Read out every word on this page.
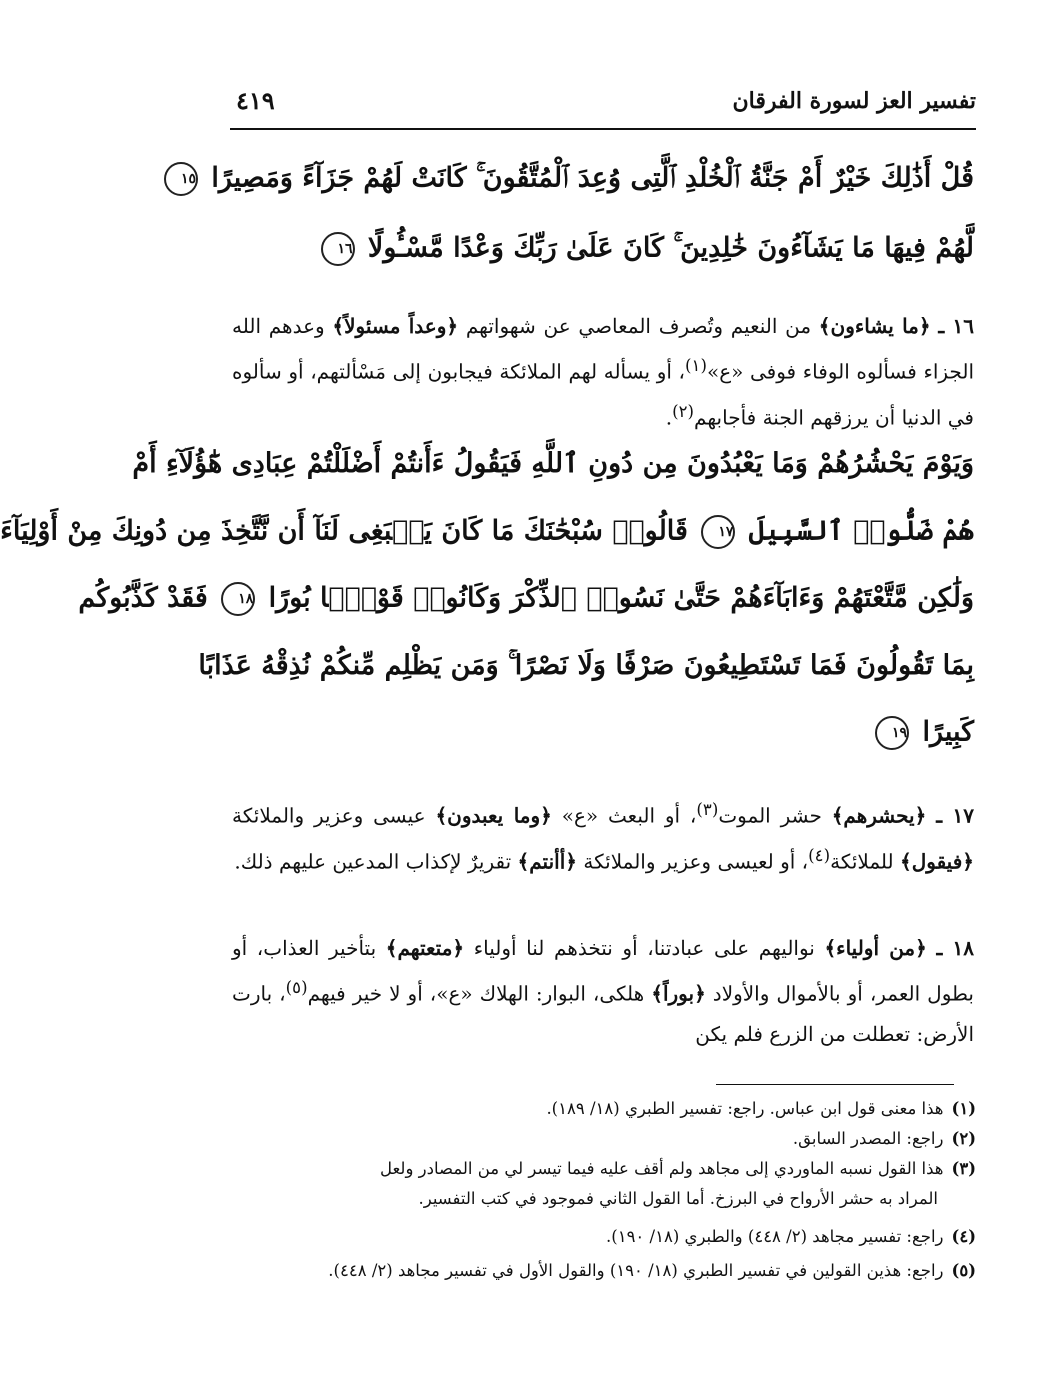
تفسير العز لسورة الفرقان
٤١٩
قُلْ أَذَٰلِكَ خَيْرٌ أَمْ جَنَّةُ ٱلْخُلْدِ ٱلَّتِى وُعِدَ ٱلْمُتَّقُونَ ۚ كَانَتْ لَهُمْ جَزَآءً وَمَصِيرًا ١٥
لَّهُمْ فِيهَا مَا يَشَآءُونَ خَٰلِدِينَ ۚ كَانَ عَلَىٰ رَبِّكَ وَعْدًا مَّسْـُٔولًا ١٦
١٦ ـ ﴿ما يشاءون﴾ من النعيم وتُصرف المعاصي عن شهواتهم ﴿وعداً مسئولاً﴾ وعدهم الله الجزاء فسألوه الوفاء فوفى «ع»$^{(١)}$، أو يسأله لهم الملائكة فيجابون إلى مَسْألتهم، أو سألوه في الدنيا أن يرزقهم الجنة فأجابهم$^{(٢)}$.
وَيَوْمَ يَحْشُرُهُمْ وَمَا يَعْبُدُونَ مِن دُونِ ٱللَّهِ فَيَقُولُ ءَأَنتُمْ أَضْلَلْتُمْ عِبَادِى هَٰٓؤُلَآءِ أَمْ
هُمْ ضَلُّوا۟ ٱلسَّبِيلَ ١٧ قَالُوا۟ سُبْحَٰنَكَ مَا كَانَ يَنۢبَغِى لَنَآ أَن نَّتَّخِذَ مِن دُونِكَ مِنْ أَوْلِيَآءَ
وَلَٰكِن مَّتَّعْتَهُمْ وَءَابَآءَهُمْ حَتَّىٰ نَسُوا۟ ٱلذِّكْرَ وَكَانُوا۟ قَوْمًۢا بُورًا ١٨ فَقَدْ كَذَّبُوكُم
بِمَا تَقُولُونَ فَمَا تَسْتَطِيعُونَ صَرْفًا وَلَا نَصْرًا ۚ وَمَن يَظْلِم مِّنكُمْ نُذِقْهُ عَذَابًا
كَبِيرًا ١٩
١٧ ـ ﴿يحشرهم﴾ حشر الموت$^{(٣)}$، أو البعث «ع» ﴿وما يعبدون﴾ عيسى وعزير والملائكة ﴿فيقول﴾ للملائكة$^{(٤)}$، أو لعيسى وعزير والملائكة ﴿أأنتم﴾ تقريرٌ لإكذاب المدعين عليهم ذلك.
١٨ ـ ﴿من أولياء﴾ نواليهم على عبادتنا، أو نتخذهم لنا أولياء ﴿متعتهم﴾ بتأخير العذاب، أو بطول العمر، أو بالأموال والأولاد ﴿بوراً﴾ هلكى، البوار: الهلاك «ع»، أو لا خير فيهم$^{(٥)}$، بارت الأرض: تعطلت من الزرع فلم يكن
(١)هذا معنى قول ابن عباس. راجع: تفسير الطبري (١٨/ ١٨٩).
(٢)راجع: المصدر السابق.
(٣)هذا القول نسبه الماوردي إلى مجاهد ولم أقف عليه فيما تيسر لي من المصادر ولعل
المراد به حشر الأرواح في البرزخ. أما القول الثاني فموجود في كتب التفسير.
(٤)راجع: تفسير مجاهد (٢/ ٤٤٨) والطبري (١٨/ ١٩٠).
(٥)راجع: هذين القولين في تفسير الطبري (١٨/ ١٩٠) والقول الأول في تفسير مجاهد (٢/ ٤٤٨).
